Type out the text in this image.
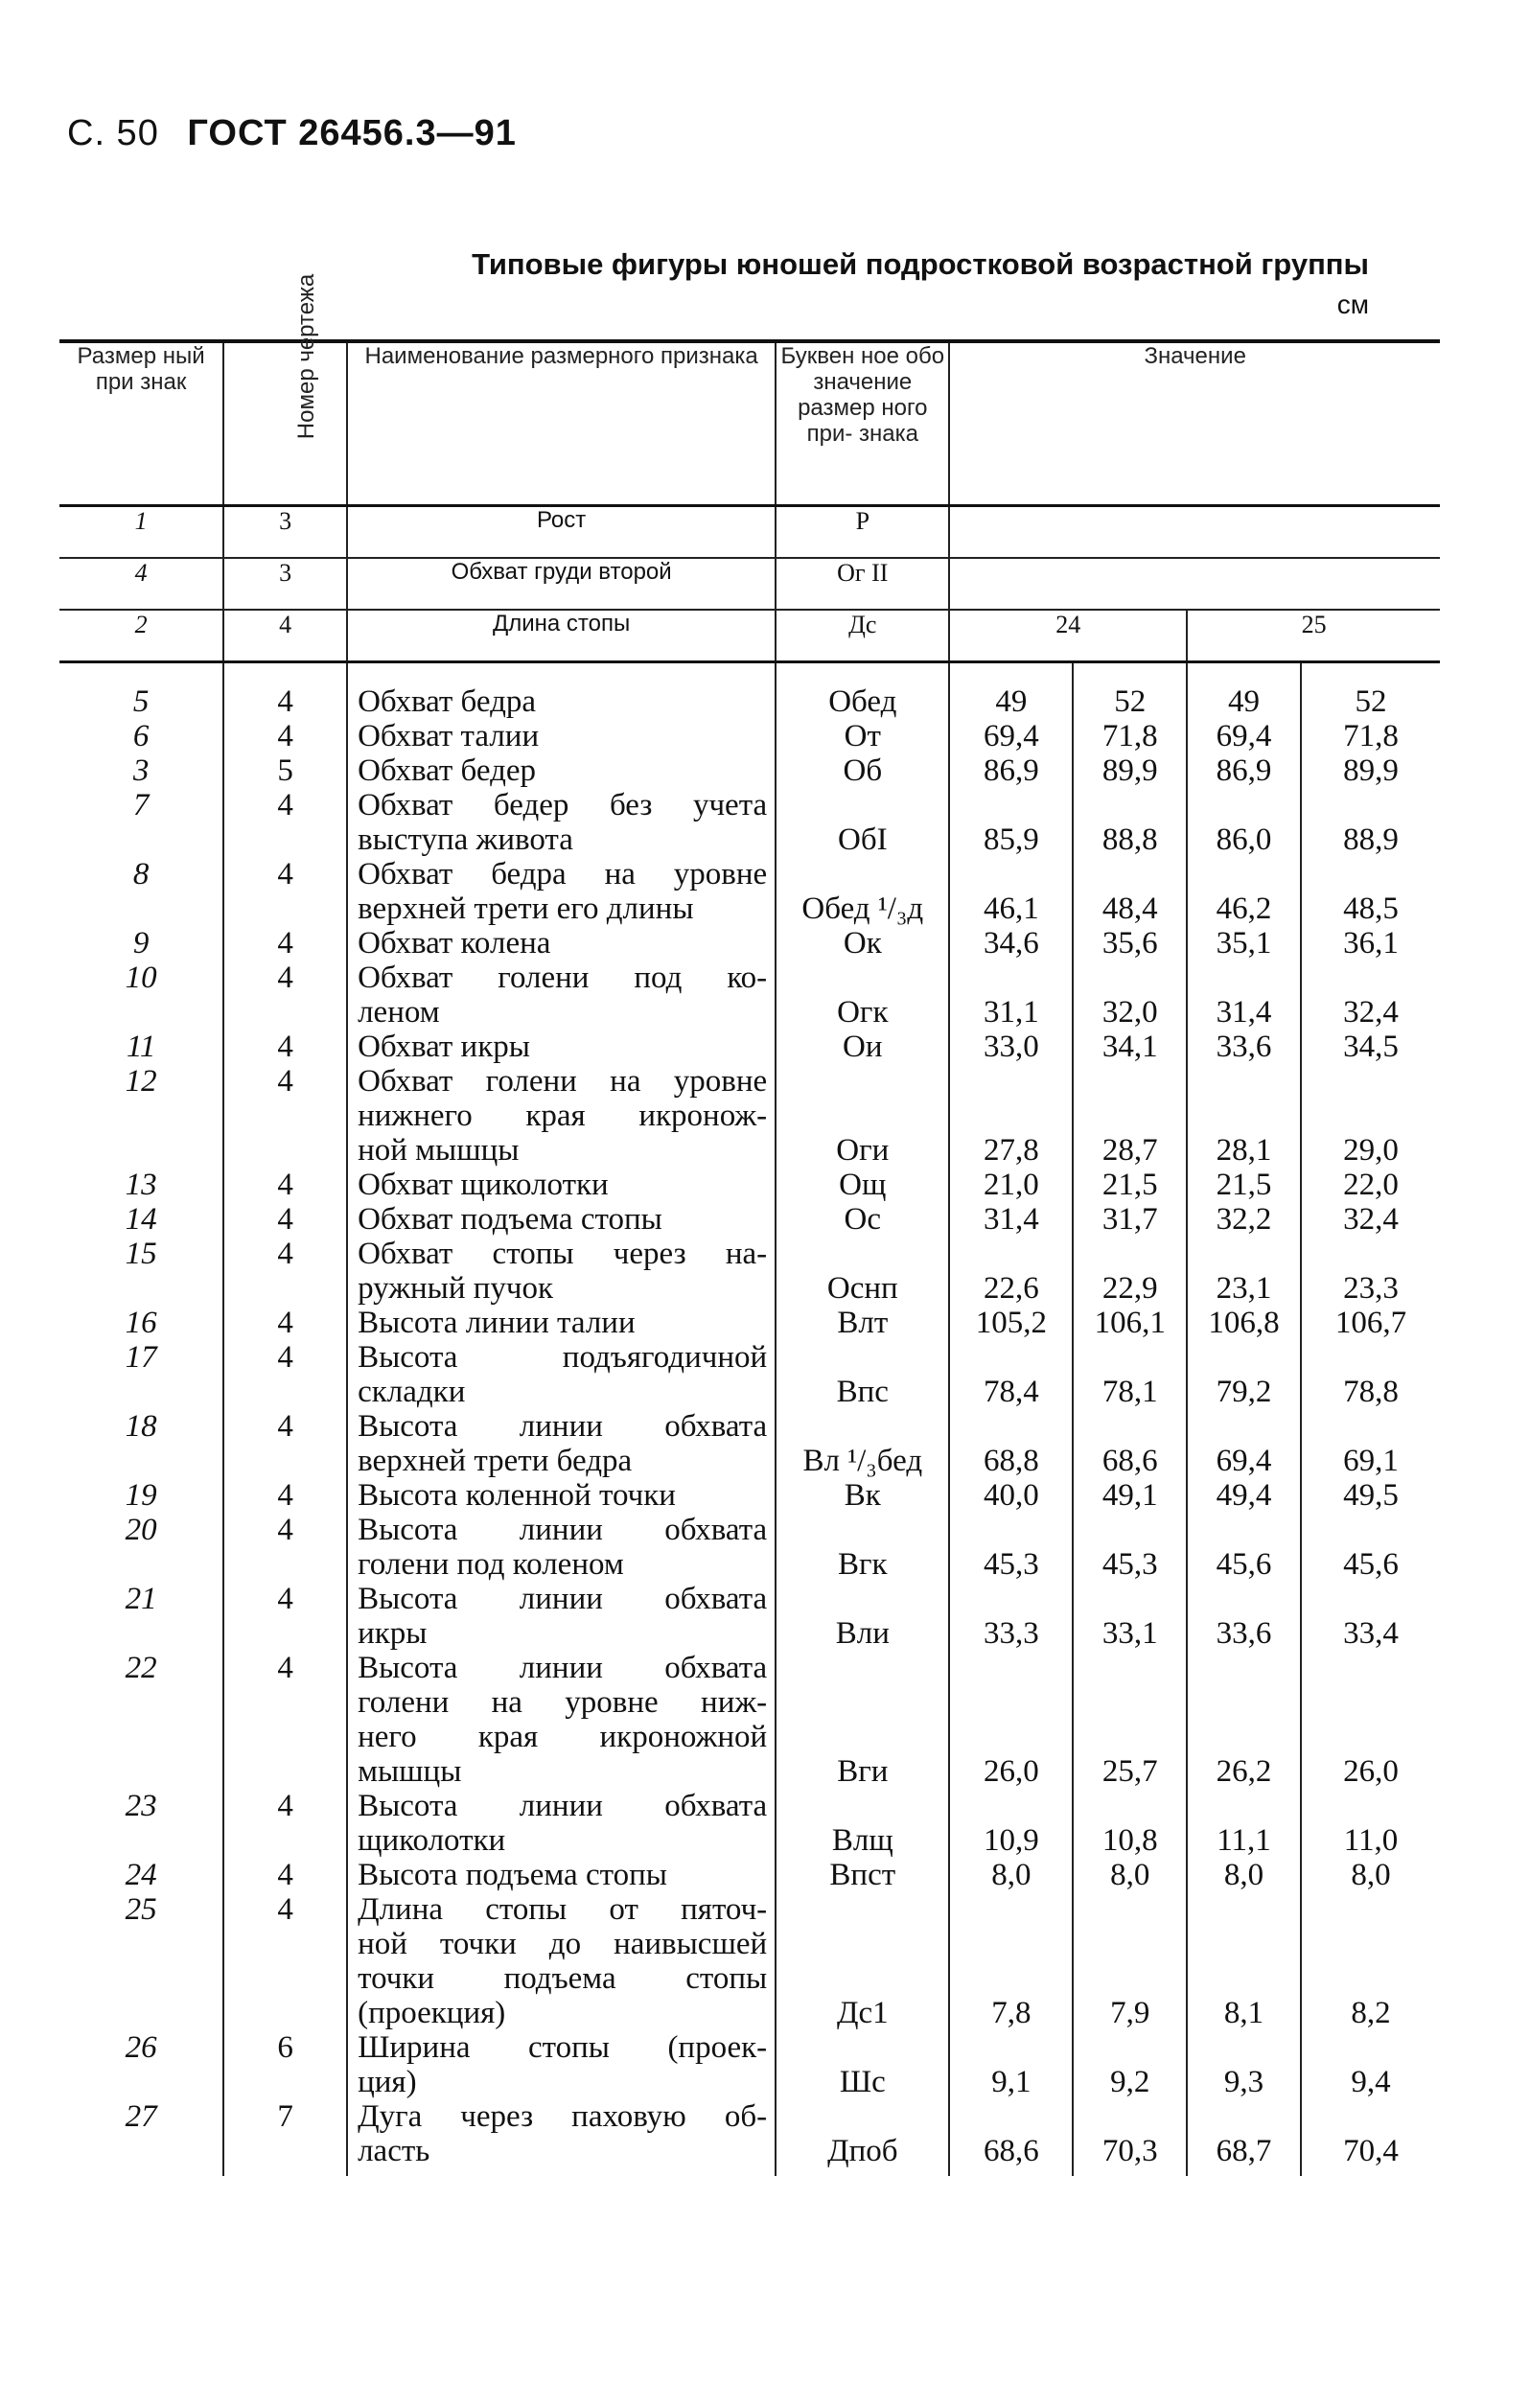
С. 50 ГОСТ 26456.3—91
Типовые фигуры юношей подростковой возрастной группы
см
Размер ный при знак	Номер чертежа	Наименование размерного признака	Буквен ное обо значение размер ного при- знака	Значение			
1	3	Рост	Р				
4	3	Обхват груди второй	Ог II				
2	4	Длина стопы	Дс	24		25	

5	4	Обхват бедра	Обед	49	52	49	52
6	4	Обхват талии	От	69,4	71,8	69,4	71,8
3	5	Обхват бедер	Об	86,9	89,9	86,9	89,9
7	4	Обхват бедер без учета
выступа живота	ОбI	85,9	88,8	86,0	88,9
8	4	Обхват бедра на уровне
верхней трети его длины	Обед ¹/₃д	46,1	48,4	46,2	48,5
9	4	Обхват колена	Ок	34,6	35,6	35,1	36,1
10	4	Обхват голени под ко-
леном	Огк	31,1	32,0	31,4	32,4
11	4	Обхват икры	Ои	33,0	34,1	33,6	34,5
12	4	Обхват голени на уровне
нижнего края икронож-
ной мышцы	Оги	27,8	28,7	28,1	29,0
13	4	Обхват щиколотки	Ощ	21,0	21,5	21,5	22,0
14	4	Обхват подъема стопы	Ос	31,4	31,7	32,2	32,4
15	4	Обхват стопы через на-
ружный пучок	Оснп	22,6	22,9	23,1	23,3
16	4	Высота линии талии	Влт	105,2	106,1	106,8	106,7
17	4	Высота подъягодичной
складки	Впс	78,4	78,1	79,2	78,8
18	4	Высота линии обхвата
верхней трети бедра	Вл ¹/₃бед	68,8	68,6	69,4	69,1
19	4	Высота коленной точки	Вк	40,0	49,1	49,4	49,5
20	4	Высота линии обхвата
голени под коленом	Вгк	45,3	45,3	45,6	45,6
21	4	Высота линии обхвата
икры	Вли	33,3	33,1	33,6	33,4
22	4	Высота линии обхвата
голени на уровне ниж-
него края икроножной
мышцы	Вги	26,0	25,7	26,2	26,0
23	4	Высота линии обхвата
щиколотки	Влщ	10,9	10,8	11,1	11,0
24	4	Высота подъема стопы	Впст	8,0	8,0	8,0	8,0
25	4	Длина стопы от пяточ-
ной точки до наивысшей
точки подъема стопы
(проекция)	Дс1	7,8	7,9	8,1	8,2
26	6	Ширина стопы (проек-
ция)	Шс	9,1	9,2	9,3	9,4
27	7	Дуга через паховую об-
ласть	Дпоб	68,6	70,3	68,7	70,4
